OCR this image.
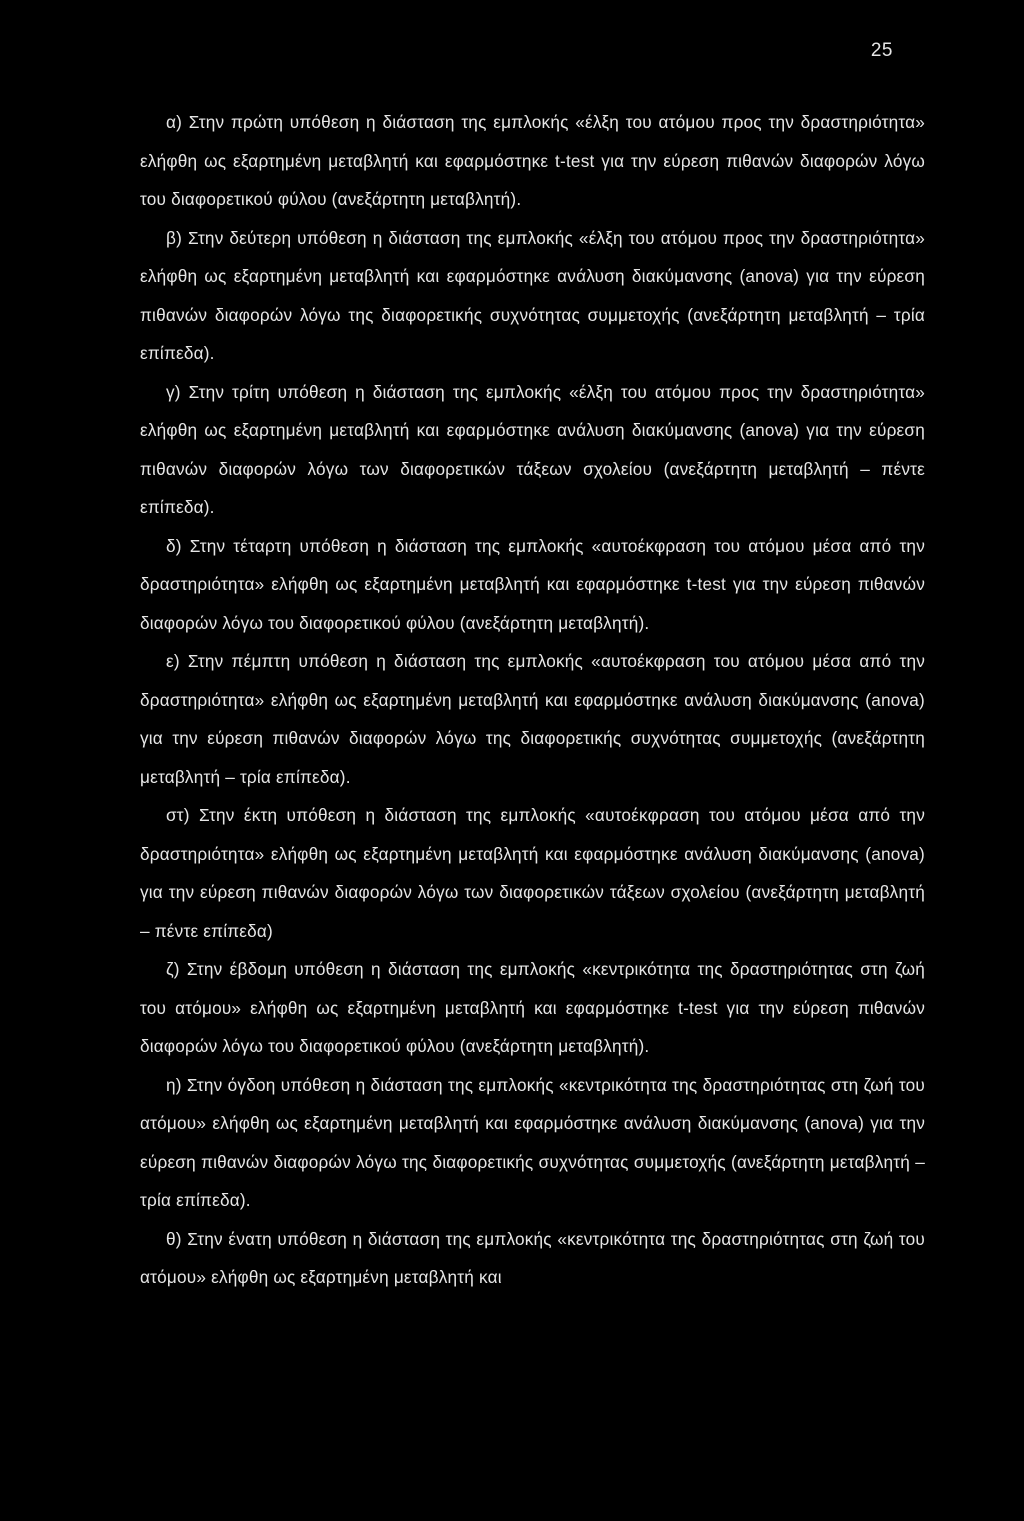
25

α) Στην πρώτη υπόθεση η διάσταση της εμπλοκής «έλξη του ατόμου προς την δραστηριότητα» ελήφθη ως εξαρτημένη μεταβλητή και εφαρμόστηκε t-test για την εύρεση πιθανών διαφορών λόγω του διαφορετικού φύλου (ανεξάρτητη μεταβλητή).

β) Στην δεύτερη υπόθεση η διάσταση της εμπλοκής «έλξη του ατόμου προς την δραστηριότητα» ελήφθη ως εξαρτημένη μεταβλητή και εφαρμόστηκε ανάλυση διακύμανσης (anova) για την εύρεση πιθανών διαφορών λόγω της διαφορετικής συχνότητας συμμετοχής (ανεξάρτητη μεταβλητή – τρία επίπεδα).

γ) Στην τρίτη υπόθεση η διάσταση της εμπλοκής «έλξη του ατόμου προς την δραστηριότητα» ελήφθη ως εξαρτημένη μεταβλητή και εφαρμόστηκε ανάλυση διακύμανσης (anova) για την εύρεση πιθανών διαφορών λόγω των διαφορετικών τάξεων σχολείου (ανεξάρτητη μεταβλητή – πέντε επίπεδα).

δ) Στην τέταρτη υπόθεση η διάσταση της εμπλοκής «αυτοέκφραση του ατόμου μέσα από την δραστηριότητα» ελήφθη ως εξαρτημένη μεταβλητή και εφαρμόστηκε t-test για την εύρεση πιθανών διαφορών λόγω του διαφορετικού φύλου (ανεξάρτητη μεταβλητή).

ε) Στην πέμπτη υπόθεση η διάσταση της εμπλοκής «αυτοέκφραση του ατόμου μέσα από την δραστηριότητα» ελήφθη ως εξαρτημένη μεταβλητή και εφαρμόστηκε ανάλυση διακύμανσης (anova) για την εύρεση πιθανών διαφορών λόγω της διαφορετικής συχνότητας συμμετοχής (ανεξάρτητη μεταβλητή – τρία επίπεδα).

στ) Στην έκτη υπόθεση η διάσταση της εμπλοκής «αυτοέκφραση του ατόμου μέσα από την δραστηριότητα» ελήφθη ως εξαρτημένη μεταβλητή και εφαρμόστηκε ανάλυση διακύμανσης (anova) για την εύρεση πιθανών διαφορών λόγω των διαφορετικών τάξεων σχολείου (ανεξάρτητη μεταβλητή – πέντε επίπεδα)

ζ) Στην έβδομη υπόθεση η διάσταση της εμπλοκής «κεντρικότητα της δραστηριότητας στη ζωή του ατόμου» ελήφθη ως εξαρτημένη μεταβλητή και εφαρμόστηκε t-test για την εύρεση πιθανών διαφορών λόγω του διαφορετικού φύλου (ανεξάρτητη μεταβλητή).

η) Στην όγδοη υπόθεση η διάσταση της εμπλοκής «κεντρικότητα της δραστηριότητας στη ζωή του ατόμου» ελήφθη ως εξαρτημένη μεταβλητή και εφαρμόστηκε ανάλυση διακύμανσης (anova) για την εύρεση πιθανών διαφορών λόγω της διαφορετικής συχνότητας συμμετοχής (ανεξάρτητη μεταβλητή – τρία επίπεδα).

θ) Στην ένατη υπόθεση η διάσταση της εμπλοκής «κεντρικότητα της δραστηριότητας στη ζωή του ατόμου» ελήφθη ως εξαρτημένη μεταβλητή και
